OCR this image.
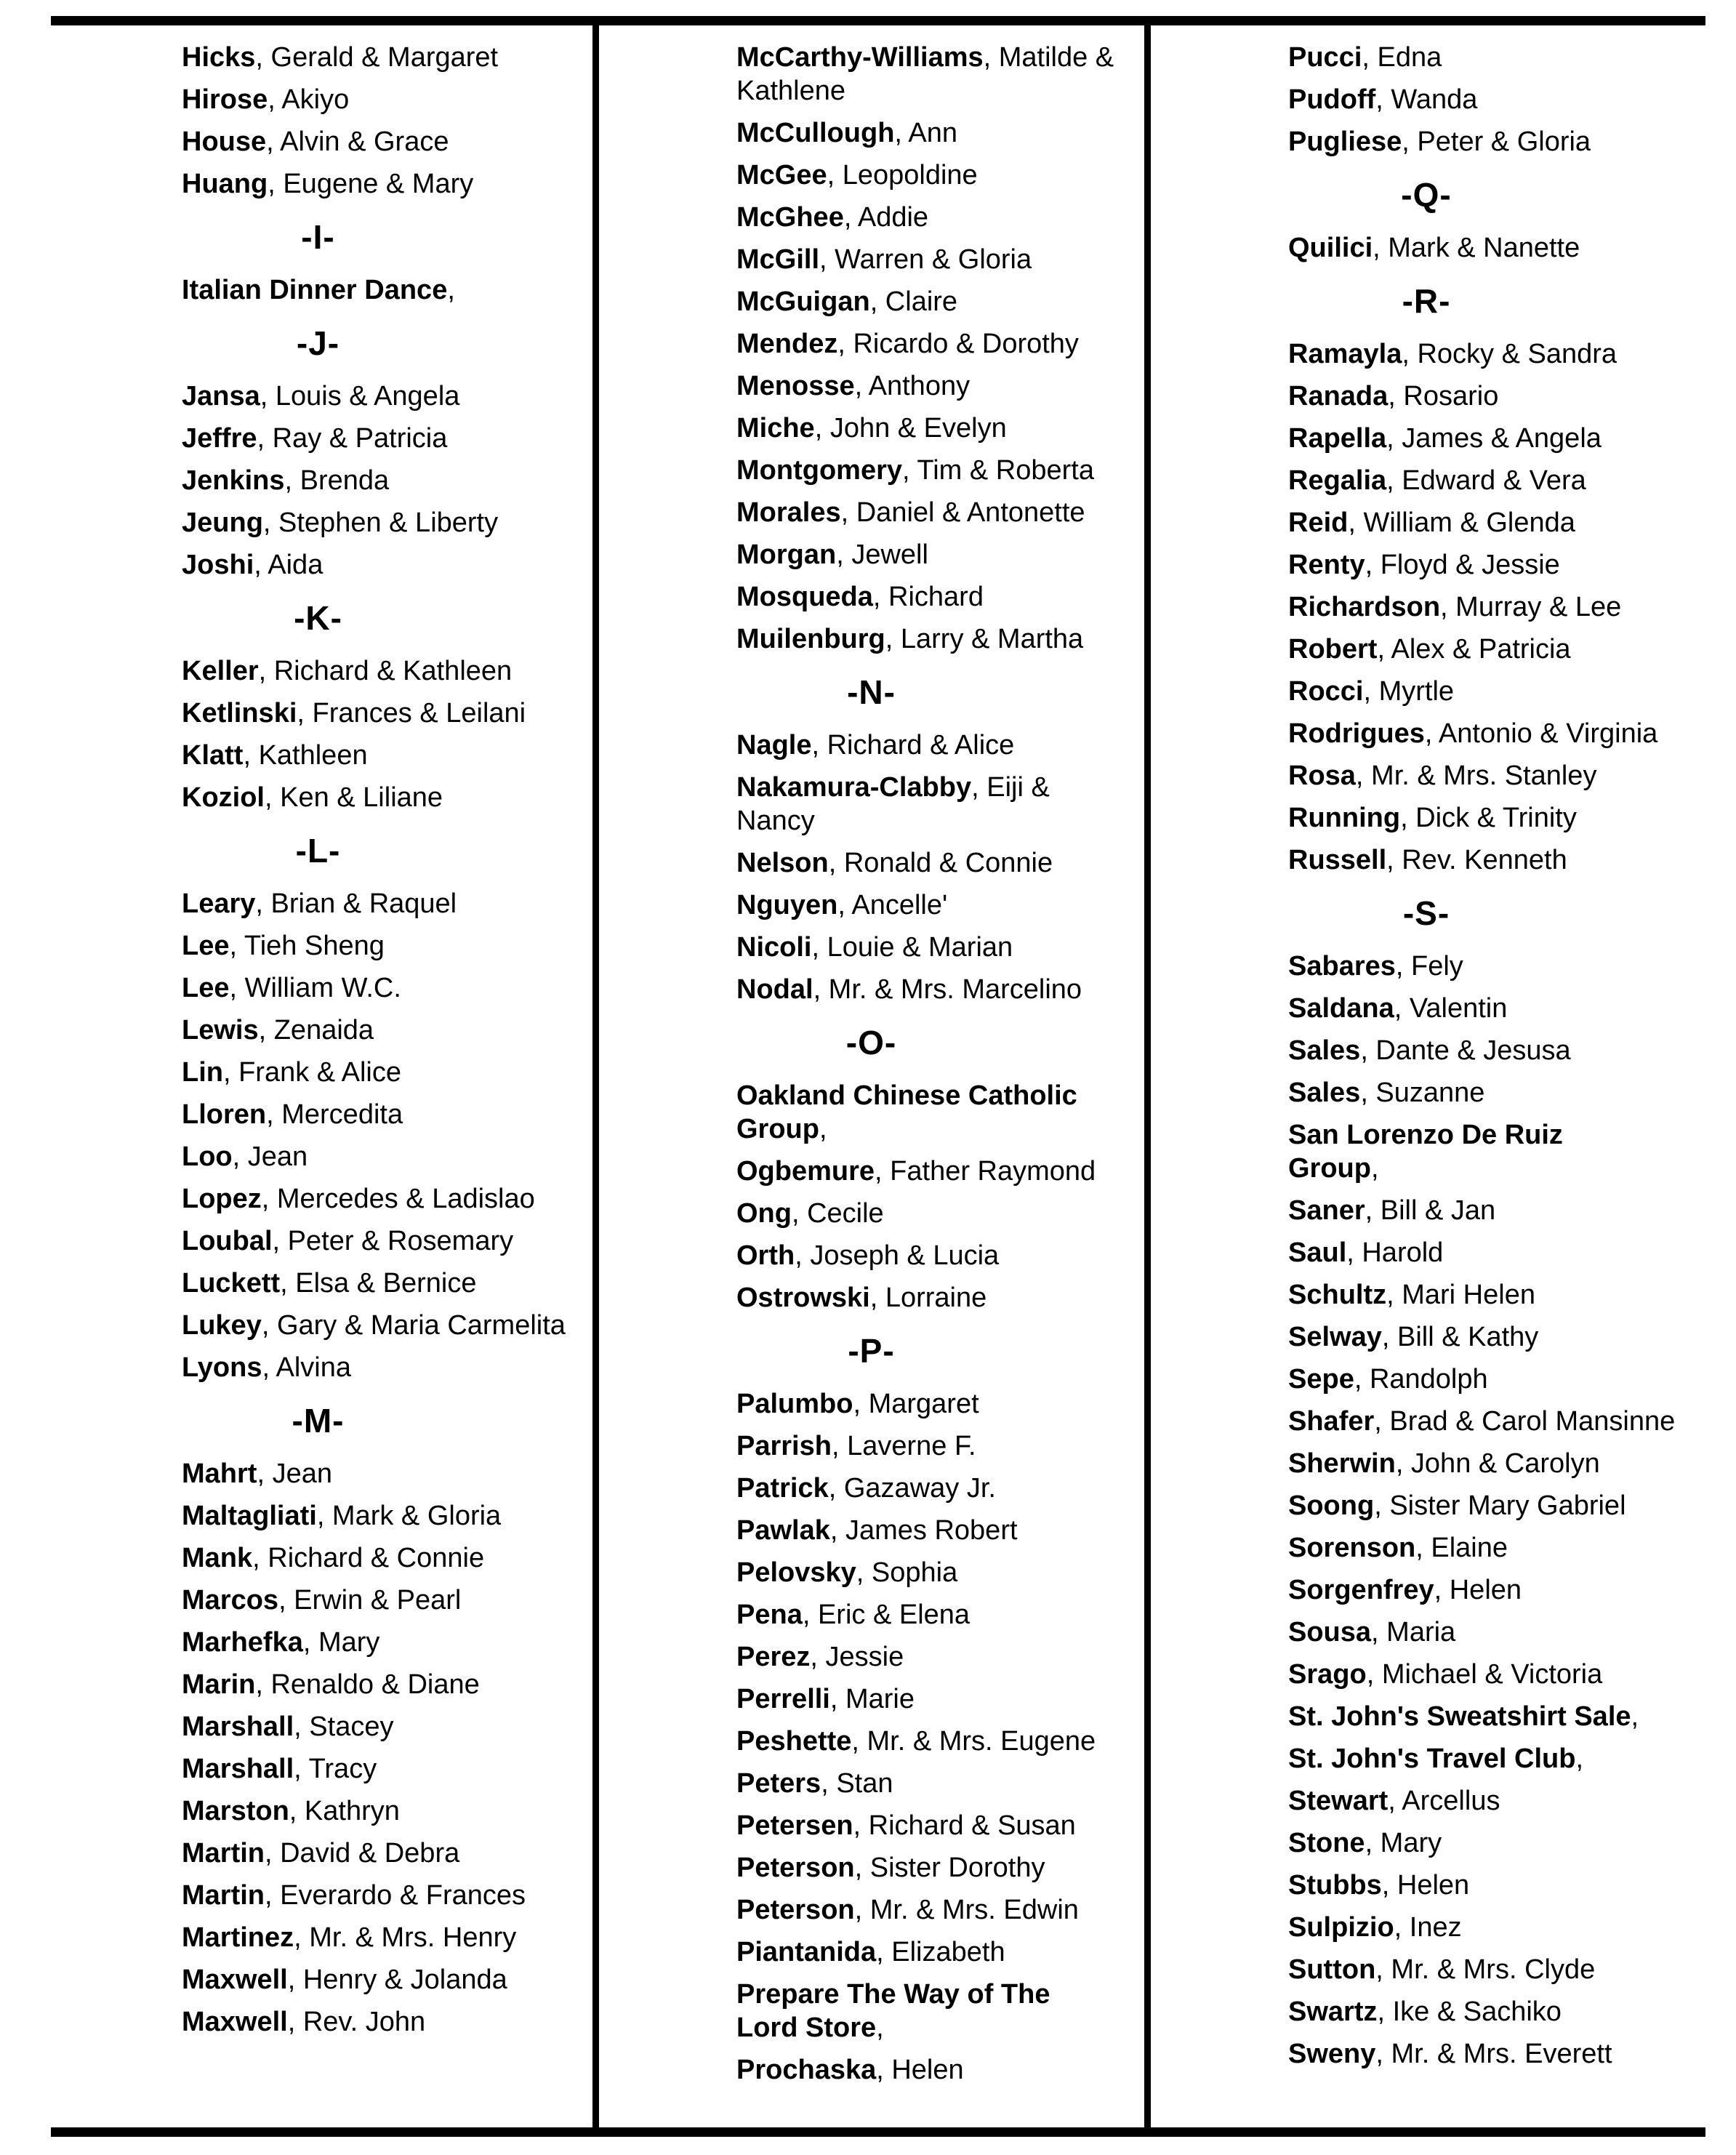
Hicks, Gerald & Margaret

Hirose, Akiyo

House, Alvin & Grace

Huang, Eugene & Mary

-I-

Italian Dinner Dance,

-J-

Jansa, Louis & Angela

Jeffre, Ray & Patricia

Jenkins, Brenda

Jeung, Stephen & Liberty

Joshi, Aida

-K-

Keller, Richard & Kathleen

Ketlinski, Frances & Leilani

Klatt, Kathleen

Koziol, Ken & Liliane

-L-

Leary, Brian & Raquel

Lee, Tieh Sheng

Lee, William W.C.

Lewis, Zenaida

Lin, Frank & Alice

Lloren, Mercedita

Loo, Jean

Lopez, Mercedes & Ladislao

Loubal, Peter & Rosemary

Luckett, Elsa & Bernice

Lukey, Gary & Maria Carmelita

Lyons, Alvina

-M-

Mahrt, Jean

Maltagliati, Mark & Gloria

Mank, Richard & Connie

Marcos, Erwin & Pearl

Marhefka, Mary

Marin, Renaldo & Diane

Marshall, Stacey

Marshall, Tracy

Marston, Kathryn

Martin, David & Debra

Martin, Everardo & Frances

Martinez, Mr. & Mrs. Henry

Maxwell, Henry & Jolanda

Maxwell, Rev. John

McCarthy-Williams, Matilde &
Kathlene

McCullough, Ann

McGee, Leopoldine

McGhee, Addie

McGill, Warren & Gloria

McGuigan, Claire

Mendez, Ricardo & Dorothy

Menosse, Anthony

Miche, John & Evelyn

Montgomery, Tim & Roberta

Morales, Daniel & Antonette

Morgan, Jewell

Mosqueda, Richard

Muilenburg, Larry & Martha

-N-

Nagle, Richard & Alice

Nakamura-Clabby, Eiji &
Nancy

Nelson, Ronald & Connie

Nguyen, Ancelle'

Nicoli, Louie & Marian

Nodal, Mr. & Mrs. Marcelino

-O-

Oakland Chinese Catholic
Group,

Ogbemure, Father Raymond

Ong, Cecile

Orth, Joseph & Lucia

Ostrowski, Lorraine

-P-

Palumbo, Margaret

Parrish, Laverne F.

Patrick, Gazaway Jr.

Pawlak, James Robert

Pelovsky, Sophia

Pena, Eric & Elena

Perez, Jessie

Perrelli, Marie

Peshette, Mr. & Mrs. Eugene

Peters, Stan

Petersen, Richard & Susan

Peterson, Sister Dorothy

Peterson, Mr. & Mrs. Edwin

Piantanida, Elizabeth

Prepare The Way of The
Lord Store,

Prochaska, Helen

Pucci, Edna

Pudoff, Wanda

Pugliese, Peter & Gloria

-Q-

Quilici, Mark & Nanette

-R-

Ramayla, Rocky & Sandra

Ranada, Rosario

Rapella, James & Angela

Regalia, Edward & Vera

Reid, William & Glenda

Renty, Floyd & Jessie

Richardson, Murray & Lee

Robert, Alex & Patricia

Rocci, Myrtle

Rodrigues, Antonio & Virginia

Rosa, Mr. & Mrs. Stanley

Running, Dick & Trinity

Russell, Rev. Kenneth

-S-

Sabares, Fely

Saldana, Valentin

Sales, Dante & Jesusa

Sales, Suzanne

San Lorenzo De Ruiz
Group,

Saner, Bill & Jan

Saul, Harold

Schultz, Mari Helen

Selway, Bill & Kathy

Sepe, Randolph

Shafer, Brad & Carol Mansinne

Sherwin, John & Carolyn

Soong, Sister Mary Gabriel

Sorenson, Elaine

Sorgenfrey, Helen

Sousa, Maria

Srago, Michael & Victoria

St. John's Sweatshirt Sale,

St. John's Travel Club,

Stewart, Arcellus

Stone, Mary

Stubbs, Helen

Sulpizio, Inez

Sutton, Mr. & Mrs. Clyde

Swartz, Ike & Sachiko

Sweny, Mr. & Mrs. Everett
